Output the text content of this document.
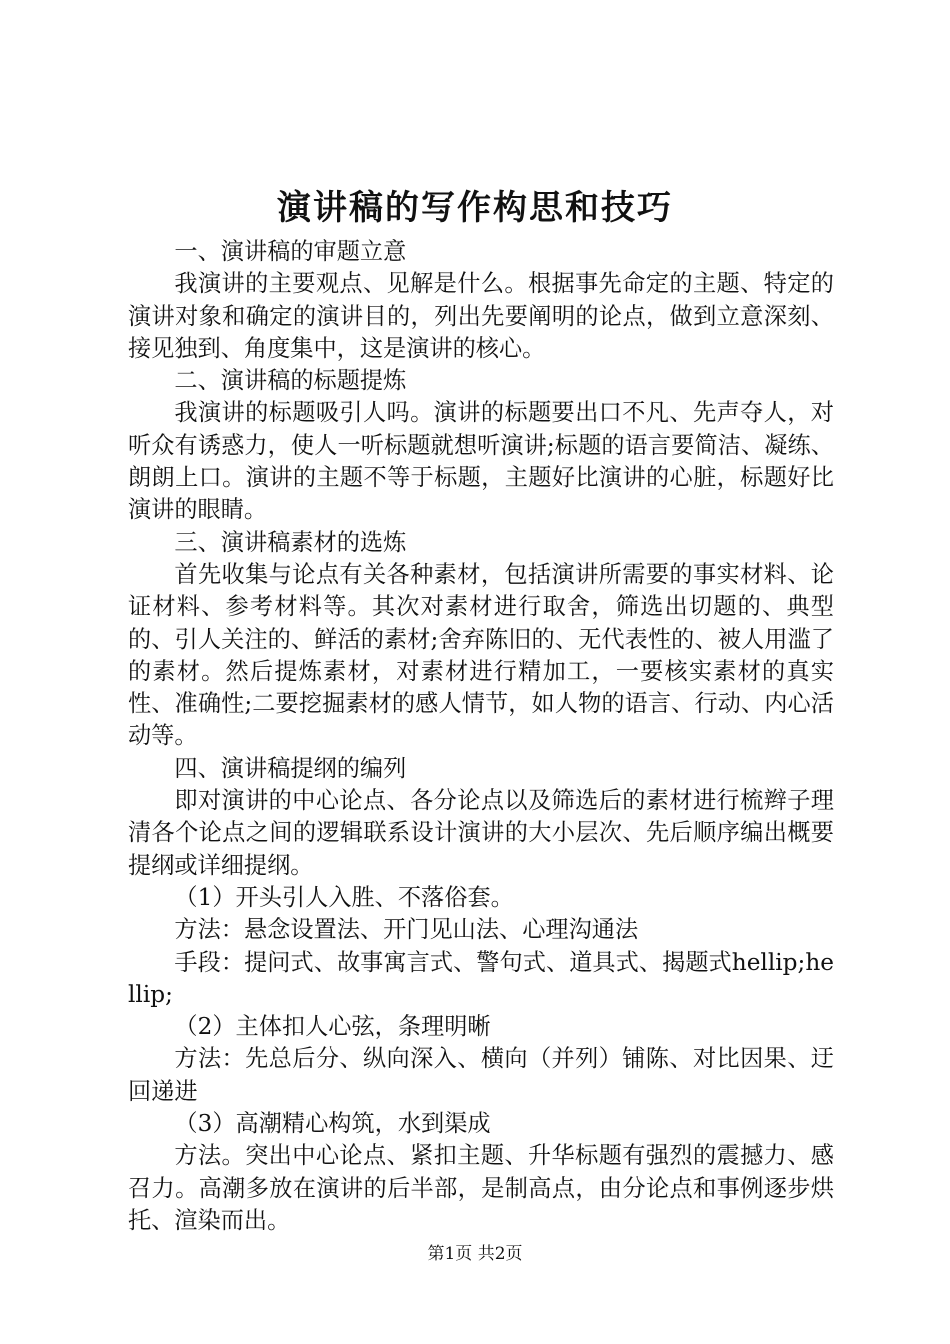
演讲稿的写作构思和技巧

一、演讲稿的审题立意

我演讲的主要观点、见解是什么。根据事先命定的主题、特定的演讲对象和确定的演讲目的，列出先要阐明的论点，做到立意深刻、接见独到、角度集中，这是演讲的核心。

二、演讲稿的标题提炼

我演讲的标题吸引人吗。演讲的标题要出口不凡、先声夺人，对听众有诱惑力，使人一听标题就想听演讲;标题的语言要简洁、凝练、朗朗上口。演讲的主题不等于标题，主题好比演讲的心脏，标题好比演讲的眼睛。

三、演讲稿素材的选炼

首先收集与论点有关各种素材，包括演讲所需要的事实材料、论证材料、参考材料等。其次对素材进行取舍，筛选出切题的、典型的、引人关注的、鲜活的素材;舍弃陈旧的、无代表性的、被人用滥了的素材。然后提炼素材，对素材进行精加工，一要核实素材的真实性、准确性;二要挖掘素材的感人情节，如人物的语言、行动、内心活动等。

四、演讲稿提纲的编列

即对演讲的中心论点、各分论点以及筛选后的素材进行梳辫子理清各个论点之间的逻辑联系设计演讲的大小层次、先后顺序编出概要提纲或详细提纲。

（1）开头引人入胜、不落俗套。

方法：悬念设置法、开门见山法、心理沟通法

手段：提问式、故事寓言式、警句式、道具式、揭题式hellip;hellip;

（2）主体扣人心弦，条理明晰

方法：先总后分、纵向深入、横向（并列）铺陈、对比因果、迂回递进

（3）高潮精心构筑，水到渠成

方法。突出中心论点、紧扣主题、升华标题有强烈的震撼力、感召力。高潮多放在演讲的后半部，是制高点，由分论点和事例逐步烘托、渲染而出。

第1页 共2页
